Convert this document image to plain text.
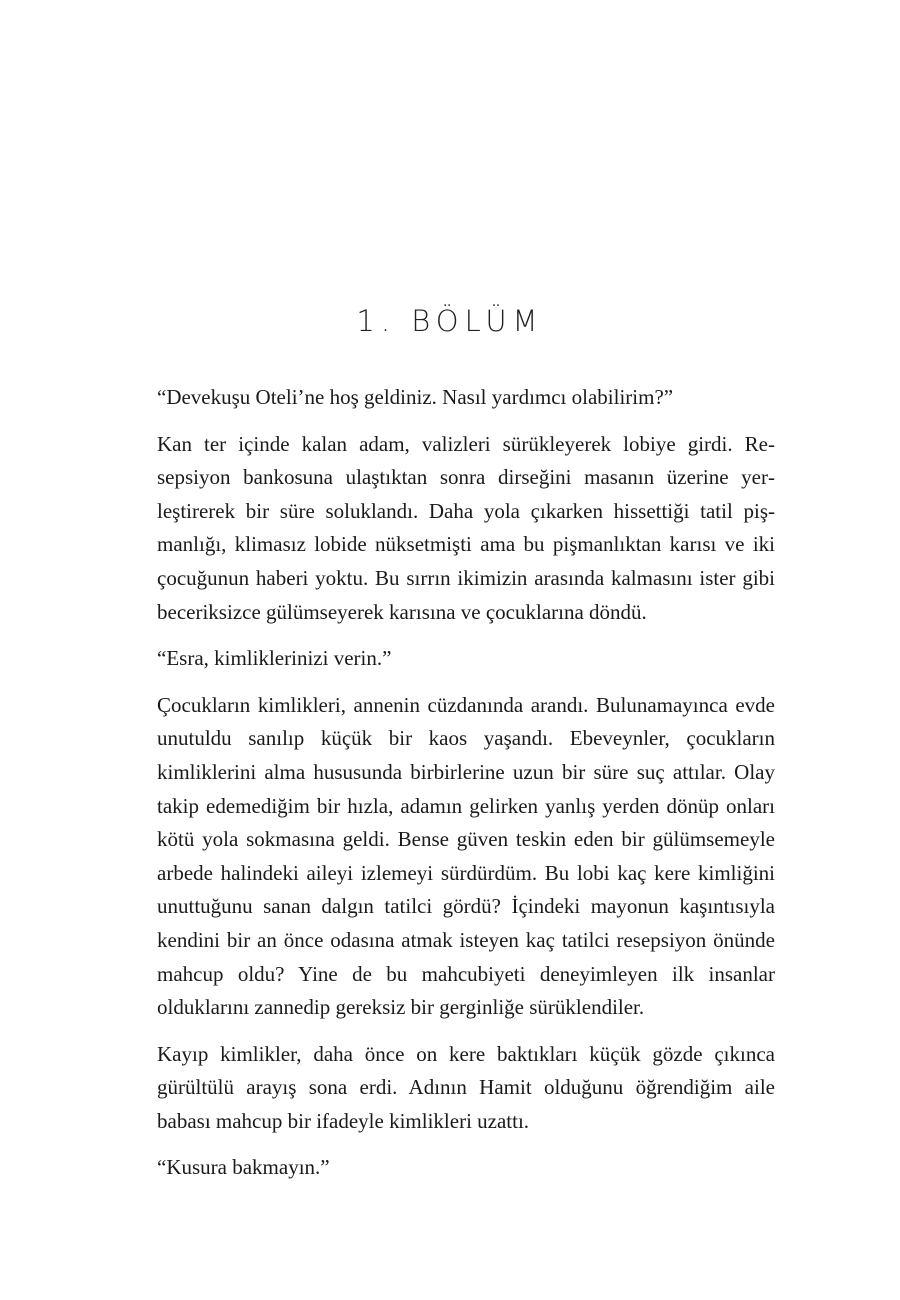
1. BÖLÜM

“Devekuşu Oteli’ne hoş geldiniz. Nasıl yardımcı olabilirim?”

Kan ter içinde kalan adam, valizleri sürükleyerek lobiye girdi. Resepsiyon bankosuna ulaştıktan sonra dirseğini masanın üzerine yerleştirerek bir süre soluklandı. Daha yola çıkarken hissettiği tatil pişmanlığı, klimasız lobide nüksetmişti ama bu pişmanlıktan karısı ve iki çocuğunun haberi yoktu. Bu sırrın ikimizin arasında kalmasını ister gibi beceriksizce gülümseyerek karısına ve çocuklarına döndü.

“Esra, kimliklerinizi verin.”

Çocukların kimlikleri, annenin cüzdanında arandı. Bulunamayınca evde unutuldu sanılıp küçük bir kaos yaşandı. Ebeveynler, çocukların kimliklerini alma hususunda birbirlerine uzun bir süre suç attılar. Olay takip edemediğim bir hızla, adamın gelirken yanlış yerden dönüp onları kötü yola sokmasına geldi. Bense güven teskin eden bir gülümsemeyle arbede halindeki aileyi izlemeyi sürdürdüm. Bu lobi kaç kere kimliğini unuttuğunu sanan dalgın tatilci gördü? İçindeki mayonun kaşıntısıyla kendini bir an önce odasına atmak isteyen kaç tatilci resepsiyon önünde mahcup oldu? Yine de bu mahcubiyeti deneyimleyen ilk insanlar olduklarını zannedip gereksiz bir gerginliğe sürüklendiler.

Kayıp kimlikler, daha önce on kere baktıkları küçük gözde çıkınca gürültülü arayış sona erdi. Adının Hamit olduğunu öğrendiğim aile babası mahcup bir ifadeyle kimlikleri uzattı.

“Kusura bakmayın.”
